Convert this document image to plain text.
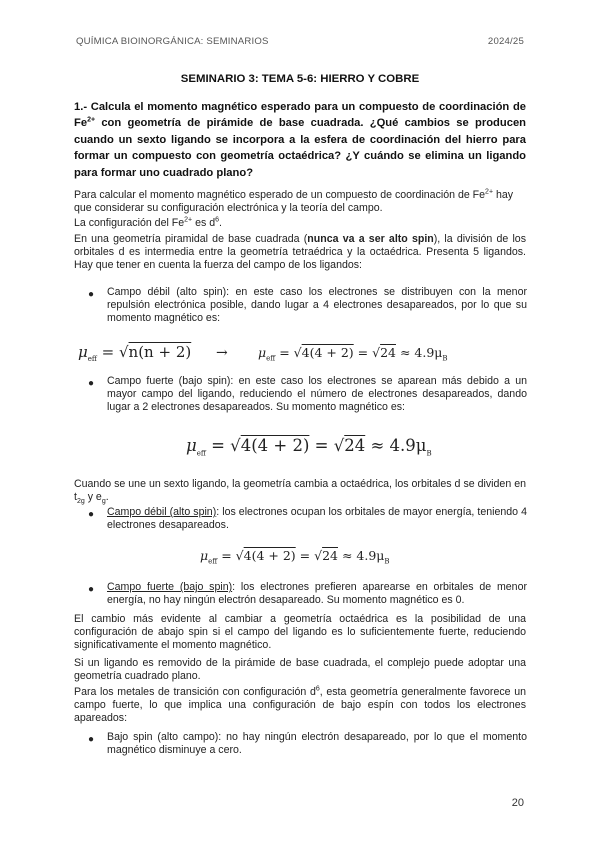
QUÍMICA BIOINORGÁNICA: SEMINARIOS	2024/25
SEMINARIO 3: TEMA 5-6: HIERRO Y COBRE
1.- Calcula el momento magnético esperado para un compuesto de coordinación de $Fe^{2+}$ con geometría de pirámide de base cuadrada. ¿Qué cambios se producen cuando un sexto ligando se incorpora a la esfera de coordinación del hierro para formar un compuesto con geometría octaédrica? ¿Y cuándo se elimina un ligando para formar uno cuadrado plano?
Para calcular el momento magnético esperado de un compuesto de coordinación de $Fe^{2+}$ hay que considerar su configuración electrónica y la teoría del campo.
La configuración del $Fe^{2+}$ es $d^6$.
En una geometría piramidal de base cuadrada (nunca va a ser alto spin), la división de los orbitales d es intermedia entre la geometría tetraédrica y la octaédrica. Presenta 5 ligandos. Hay que tener en cuenta la fuerza del campo de los ligandos:
● Campo débil (alto spin): en este caso los electrones se distribuyen con la menor repulsión electrónica posible, dando lugar a 4 electrones desapareados, por lo que su momento magnético es:
$\mu_{eff} = √n(n + 2) \to \mu_{eff} = √4(4 + 2) = √24 \approx 4.9\mu_B$
● Campo fuerte (bajo spin): en este caso los electrones se aparean más debido a un mayor campo del ligando, reduciendo el número de electrones desapareados, dando lugar a 2 electrones desapareados. Su momento magnético es:
$\mu_{eff} = √4(4 + 2) = √24 \approx 4.9\mu_B$
Cuando se une un sexto ligando, la geometría cambia a octaédrica, los orbitales d se dividen en $t_{2g}$ y $e_g$.
● Campo débil (alto spin): los electrones ocupan los orbitales de mayor energía, teniendo 4 electrones desapareados.
$\mu_{eff} = √4(4 + 2) = √24 \approx 4.9\mu_B$
● Campo fuerte (bajo spin): los electrones prefieren aparearse en orbitales de menor energía, no hay ningún electrón desapareado. Su momento magnético es 0.
El cambio más evidente al cambiar a geometría octaédrica es la posibilidad de una configuración de abajo spin si el campo del ligando es lo suficientemente fuerte, reduciendo significativamente el momento magnético.
Si un ligando es removido de la pirámide de base cuadrada, el complejo puede adoptar una geometría cuadrado plano.
Para los metales de transición con configuración $d^6$, esta geometría generalmente favorece un campo fuerte, lo que implica una configuración de bajo espín con todos los electrones apareados:
● Bajo spin (alto campo): no hay ningún electrón desapareado, por lo que el momento magnético disminuye a cero.
20
